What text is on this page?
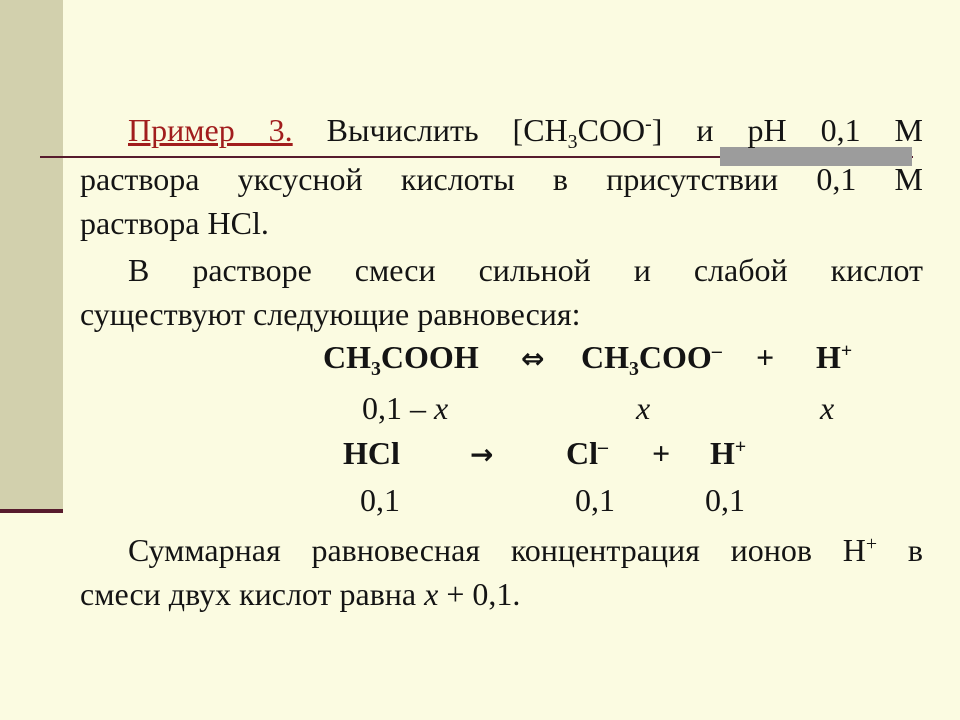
Пример 3. Вычислить $[CH_3COO^-]$ и pH 0,1 М
раствора уксусной кислоты в присутствии 0,1 М
раствора HCl.
В растворе смеси сильной и слабой кислот
существуют следующие равновесия:
$CH_3COOH$ ⇔ $CH_3COO^- + H^+$
0,1 – x	x	x
HCl	→ Cl– + H+
0,1	0,1	0,1
Суммарная равновесная концентрация ионов H+ в
смеси двух кислот равна x + 0,1.
